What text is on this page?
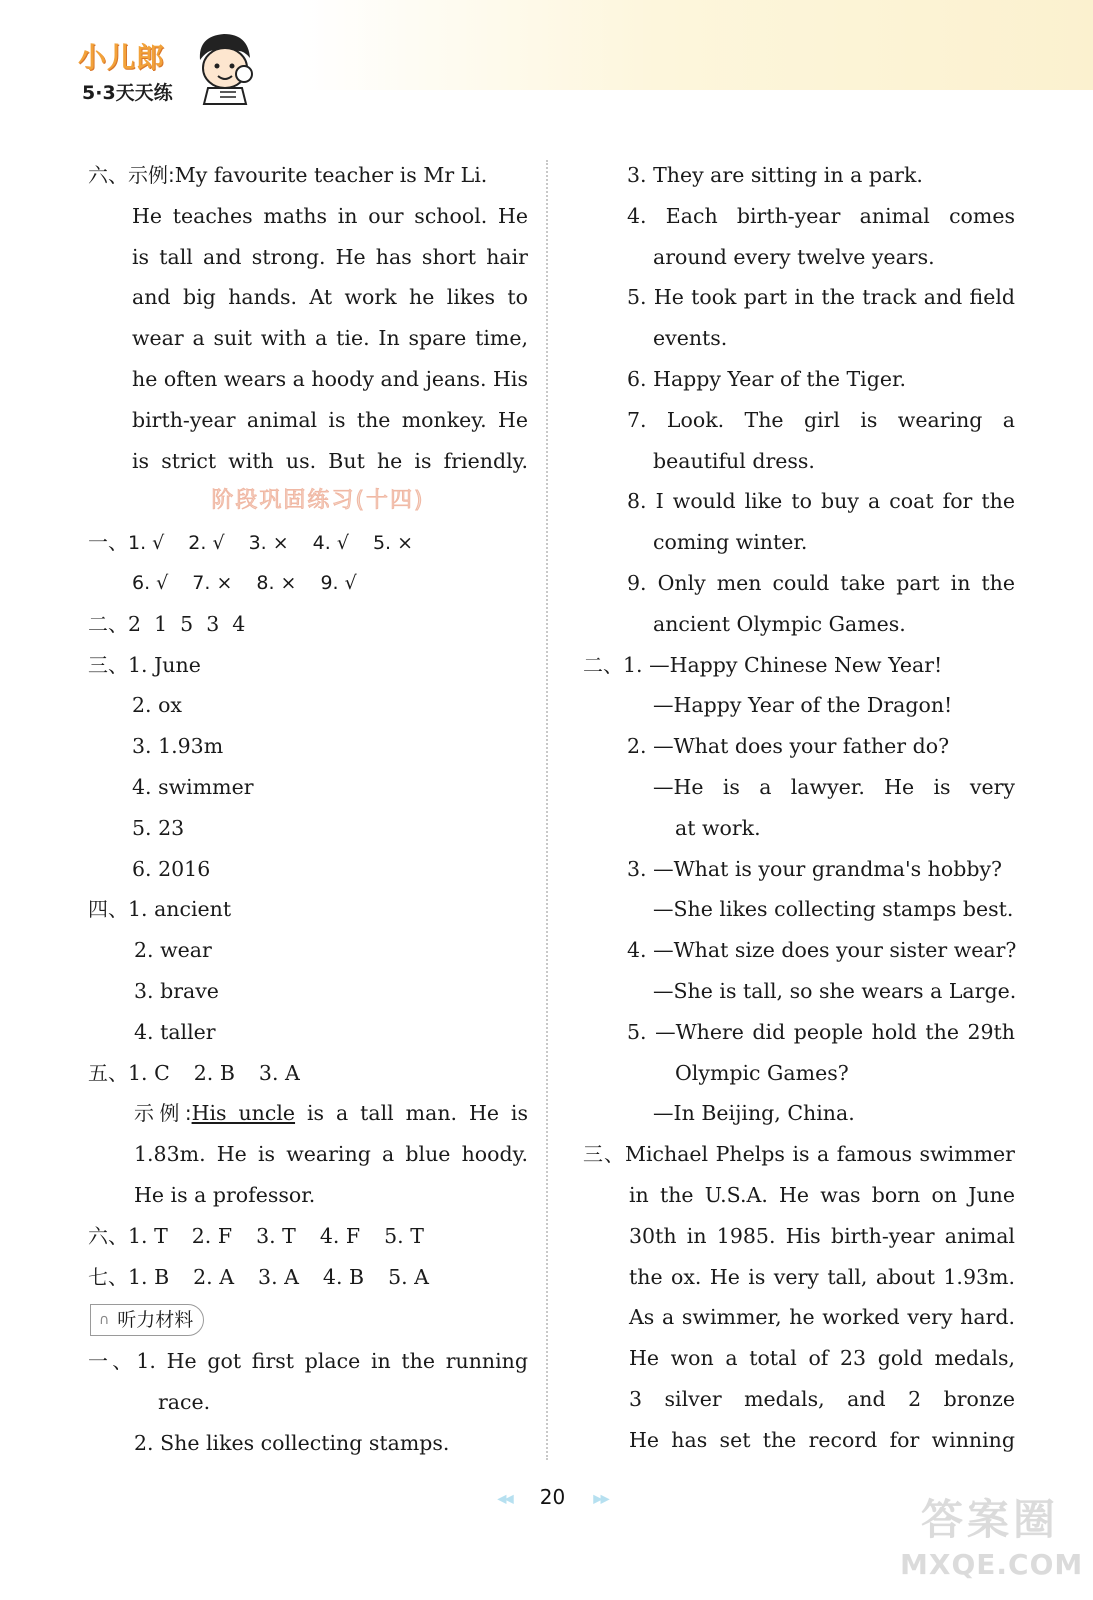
小儿郎
5·3天天练
六、示例:My favourite teacher is Mr Li.
He teaches maths in our school. He
is tall and strong. He has short hair
and big hands. At work he likes to
wear a suit with a tie. In spare time,
he often wears a hoody and jeans. His
birth-year animal is the monkey. He
is strict with us. But he is friendly.
阶段巩固练习(十四)
一、1. √ 2. √ 3. × 4. √ 5. ×
6. √ 7. × 8. × 9. √
二、2  1  5  3  4
三、1. June
2. ox
3. 1.93m
4. swimmer
5. 23
6. 2016
四、1. ancient
2. wear
3. brave
4. taller
五、1. C 2. B 3. A
示例:His uncle is a tall man. He is
1.83m. He is wearing a blue hoody.
He is a professor.
六、1. T 2. F 3. T 4. F 5. T
七、1. B 2. A 3. A 4. B 5. A
∩ 听力材料
一、1. He got first place in the running
race.
2. She likes collecting stamps.
3. They are sitting in a park.
4. Each birth-year animal comes
around every twelve years.
5. He took part in the track and field
events.
6. Happy Year of the Tiger.
7. Look. The girl is wearing a
beautiful dress.
8. I would like to buy a coat for the
coming winter.
9. Only men could take part in the
ancient Olympic Games.
二、1. —Happy Chinese New Year!
—Happy Year of the Dragon!
2. —What does your father do?
—He is a lawyer. He is very
at work.
3. —What is your grandma's hobby?
—She likes collecting stamps best.
4. —What size does your sister wear?
—She is tall, so she wears a Large.
5. —Where did people hold the 29th
Olympic Games?
—In Beijing, China.
三、Michael Phelps is a famous swimmer
in the U.S.A. He was born on June
30th in 1985. His birth-year animal
the ox. He is very tall, about 1.93m.
As a swimmer, he worked very hard.
He won a total of 23 gold medals,
3 silver medals, and 2 bronze
He has set the record for winning
◀◀ 20 ▶▶	答案圈
MXQE.COM
